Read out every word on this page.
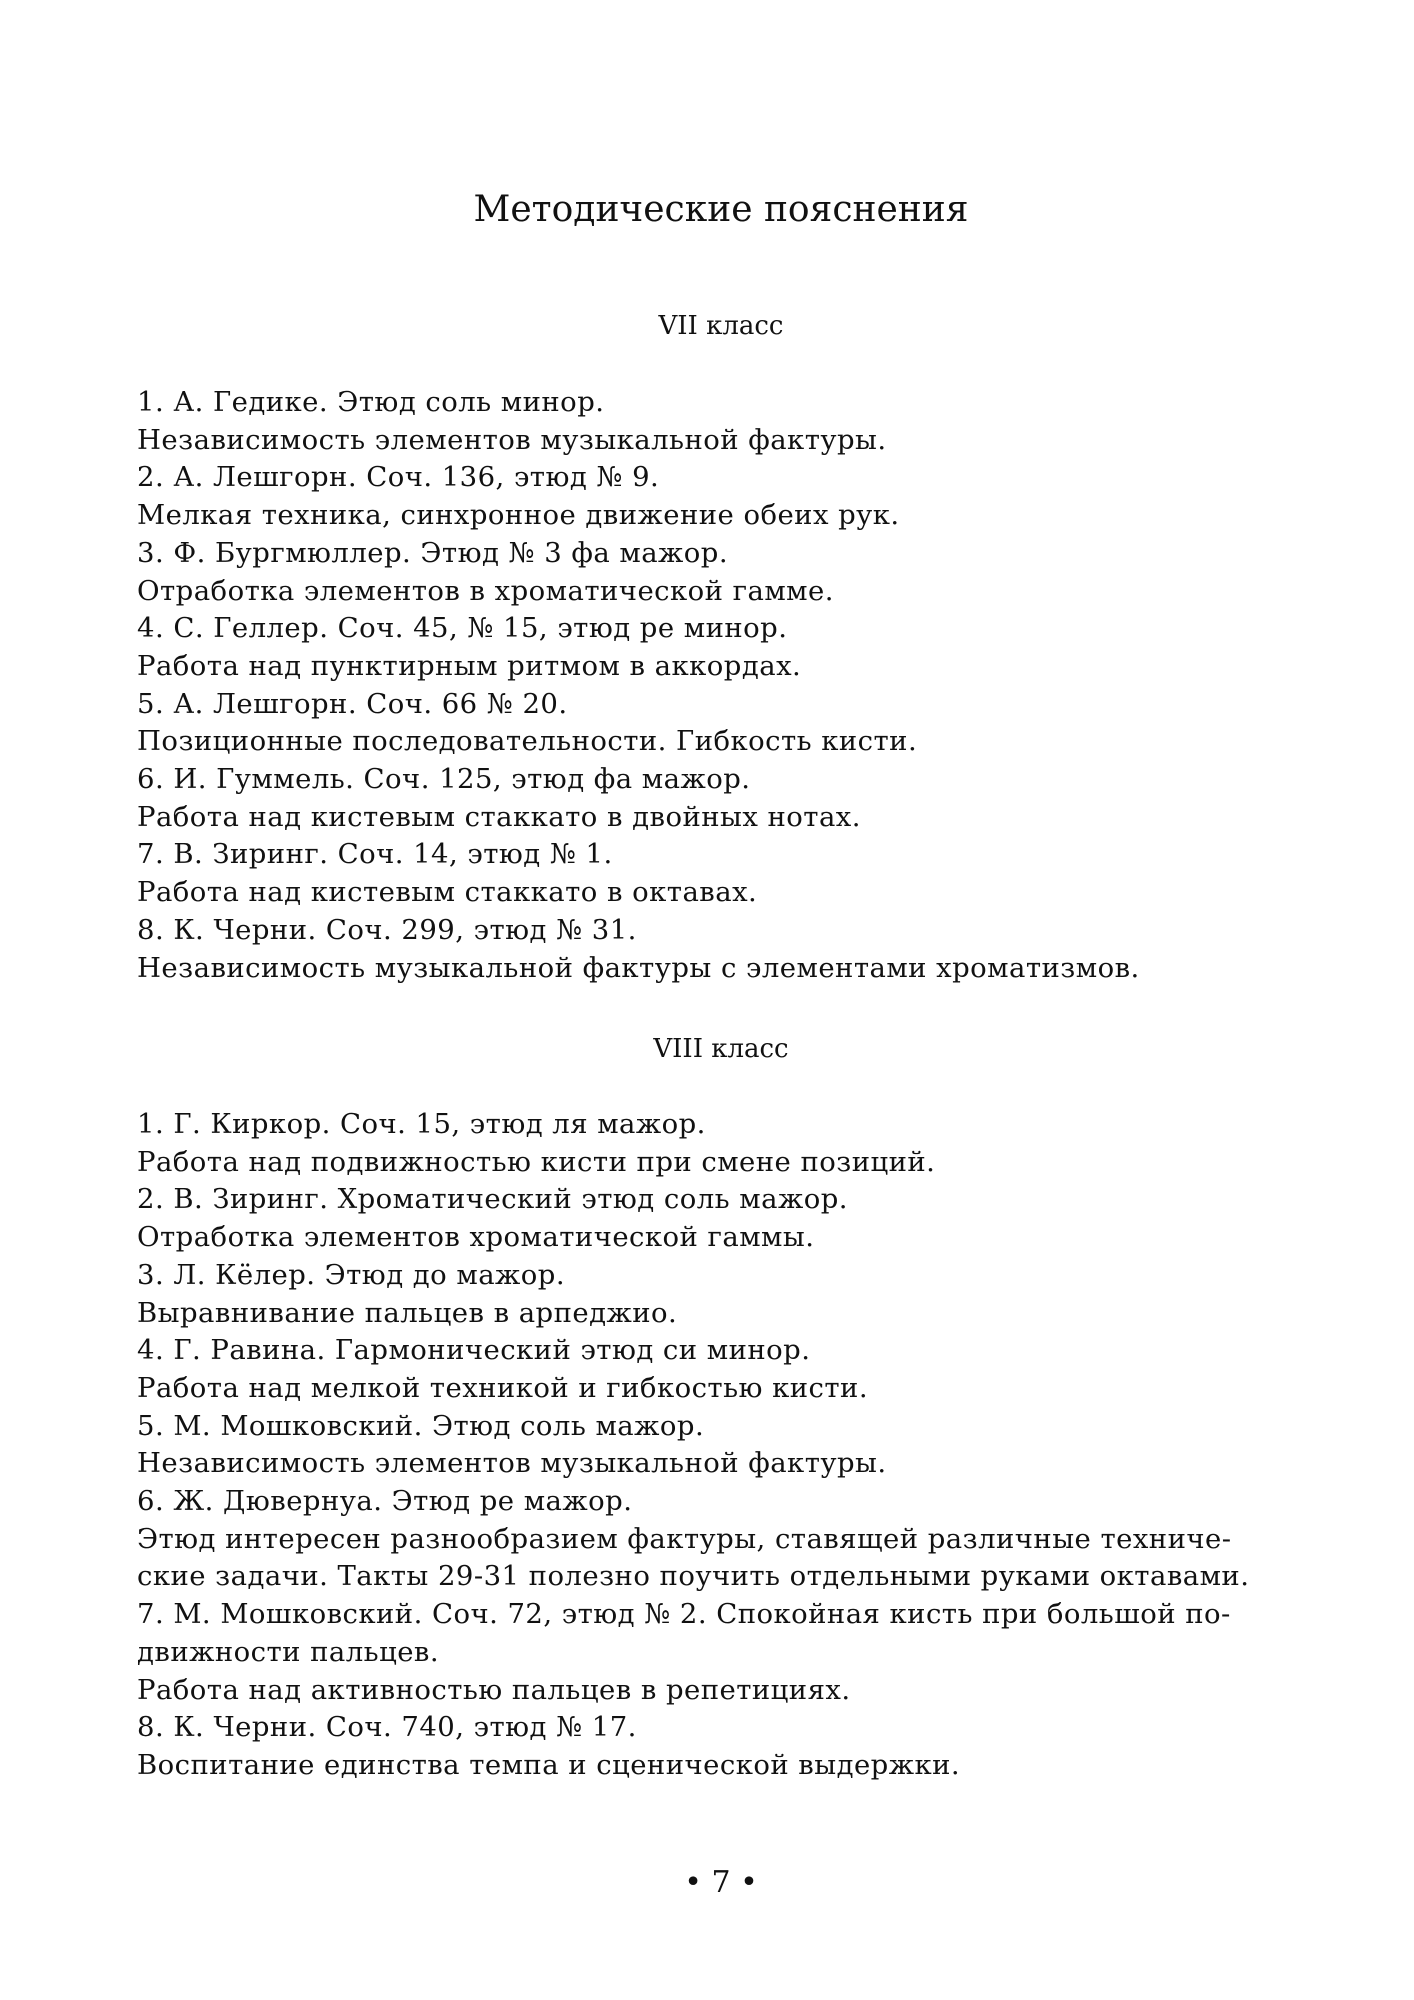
Методические пояснения
VII класс
1. А. Гедике. Этюд соль минор.
Независимость элементов музыкальной фактуры.
2. А. Лешгорн. Соч. 136, этюд № 9.
Мелкая техника, синхронное движение обеих рук.
3. Ф. Бургмюллер. Этюд № 3 фа мажор.
Отработка элементов в хроматической гамме.
4. С. Геллер. Соч. 45, № 15, этюд ре минор.
Работа над пунктирным ритмом в аккордах.
5. А. Лешгорн. Соч. 66 № 20.
Позиционные последовательности. Гибкость кисти.
6. И. Гуммель. Соч. 125, этюд фа мажор.
Работа над кистевым стаккато в двойных нотах.
7. В. Зиринг. Соч. 14, этюд № 1.
Работа над кистевым стаккато в октавах.
8. К. Черни. Соч. 299, этюд № 31.
Независимость музыкальной фактуры с элементами хроматизмов.
VIII класс
1. Г. Киркор. Соч. 15, этюд ля мажор.
Работа над подвижностью кисти при смене позиций.
2. В. Зиринг. Хроматический этюд соль мажор.
Отработка элементов хроматической гаммы.
3. Л. Кёлер. Этюд до мажор.
Выравнивание пальцев в арпеджио.
4. Г. Равина. Гармонический этюд си минор.
Работа над мелкой техникой и гибкостью кисти.
5. М. Мошковский. Этюд соль мажор.
Независимость элементов музыкальной фактуры.
6. Ж. Дювернуа. Этюд ре мажор.
Этюд интересен разнообразием фактуры, ставящей различные техниче-
ские задачи. Такты 29-31 полезно поучить отдельными руками октавами.
7. М. Мошковский. Соч. 72, этюд № 2. Спокойная кисть при большой по-
движности пальцев.
Работа над активностью пальцев в репетициях.
8. К. Черни. Соч. 740, этюд № 17.
Воспитание единства темпа и сценической выдержки.
• 7 •
